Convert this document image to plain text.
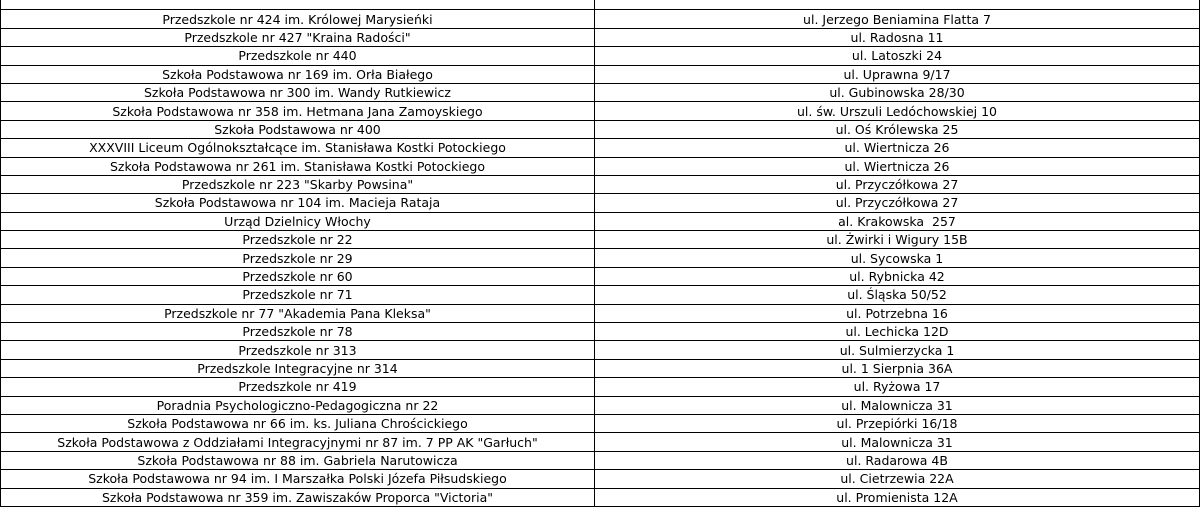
Przedszkole nr 424 im. Królowej Marysieńki	ul. Jerzego Beniamina Flatta 7
Przedszkole nr 427 "Kraina Radości"	ul. Radosna 11
Przedszkole nr 440	ul. Latoszki 24
Szkoła Podstawowa nr 169 im. Orła Białego	ul. Uprawna 9/17
Szkoła Podstawowa nr 300 im. Wandy Rutkiewicz	ul. Gubinowska 28/30
Szkoła Podstawowa nr 358 im. Hetmana Jana Zamoyskiego	ul. św. Urszuli Ledóchowskiej 10
Szkoła Podstawowa nr 400	ul. Oś Królewska 25
XXXVIII Liceum Ogólnokształcące im. Stanisława Kostki Potockiego	ul. Wiertnicza 26
Szkoła Podstawowa nr 261 im. Stanisława Kostki Potockiego	ul. Wiertnicza 26
Przedszkole nr 223 "Skarby Powsina"	ul. Przyczółkowa 27
Szkoła Podstawowa nr 104 im. Macieja Rataja	ul. Przyczółkowa 27
Urząd Dzielnicy Włochy	al. Krakowska  257
Przedszkole nr 22	ul. Żwirki i Wigury 15B
Przedszkole nr 29	ul. Sycowska 1
Przedszkole nr 60	ul. Rybnicka 42
Przedszkole nr 71	ul. Śląska 50/52
Przedszkole nr 77 "Akademia Pana Kleksa"	ul. Potrzebna 16
Przedszkole nr 78	ul. Lechicka 12D
Przedszkole nr 313	ul. Sulmierzycka 1
Przedszkole Integracyjne nr 314	ul. 1 Sierpnia 36A
Przedszkole nr 419	ul. Ryżowa 17
Poradnia Psychologiczno-Pedagogiczna nr 22	ul. Malownicza 31
Szkoła Podstawowa nr 66 im. ks. Juliana Chrościckiego	ul. Przepiórki 16/18
Szkoła Podstawowa z Oddziałami Integracyjnymi nr 87 im. 7 PP AK "Garłuch"	ul. Malownicza 31
Szkoła Podstawowa nr 88 im. Gabriela Narutowicza	ul. Radarowa 4B
Szkoła Podstawowa nr 94 im. I Marszałka Polski Józefa Piłsudskiego	ul. Cietrzewia 22A
Szkoła Podstawowa nr 359 im. Zawiszaków Proporca "Victoria"	ul. Promienista 12A
